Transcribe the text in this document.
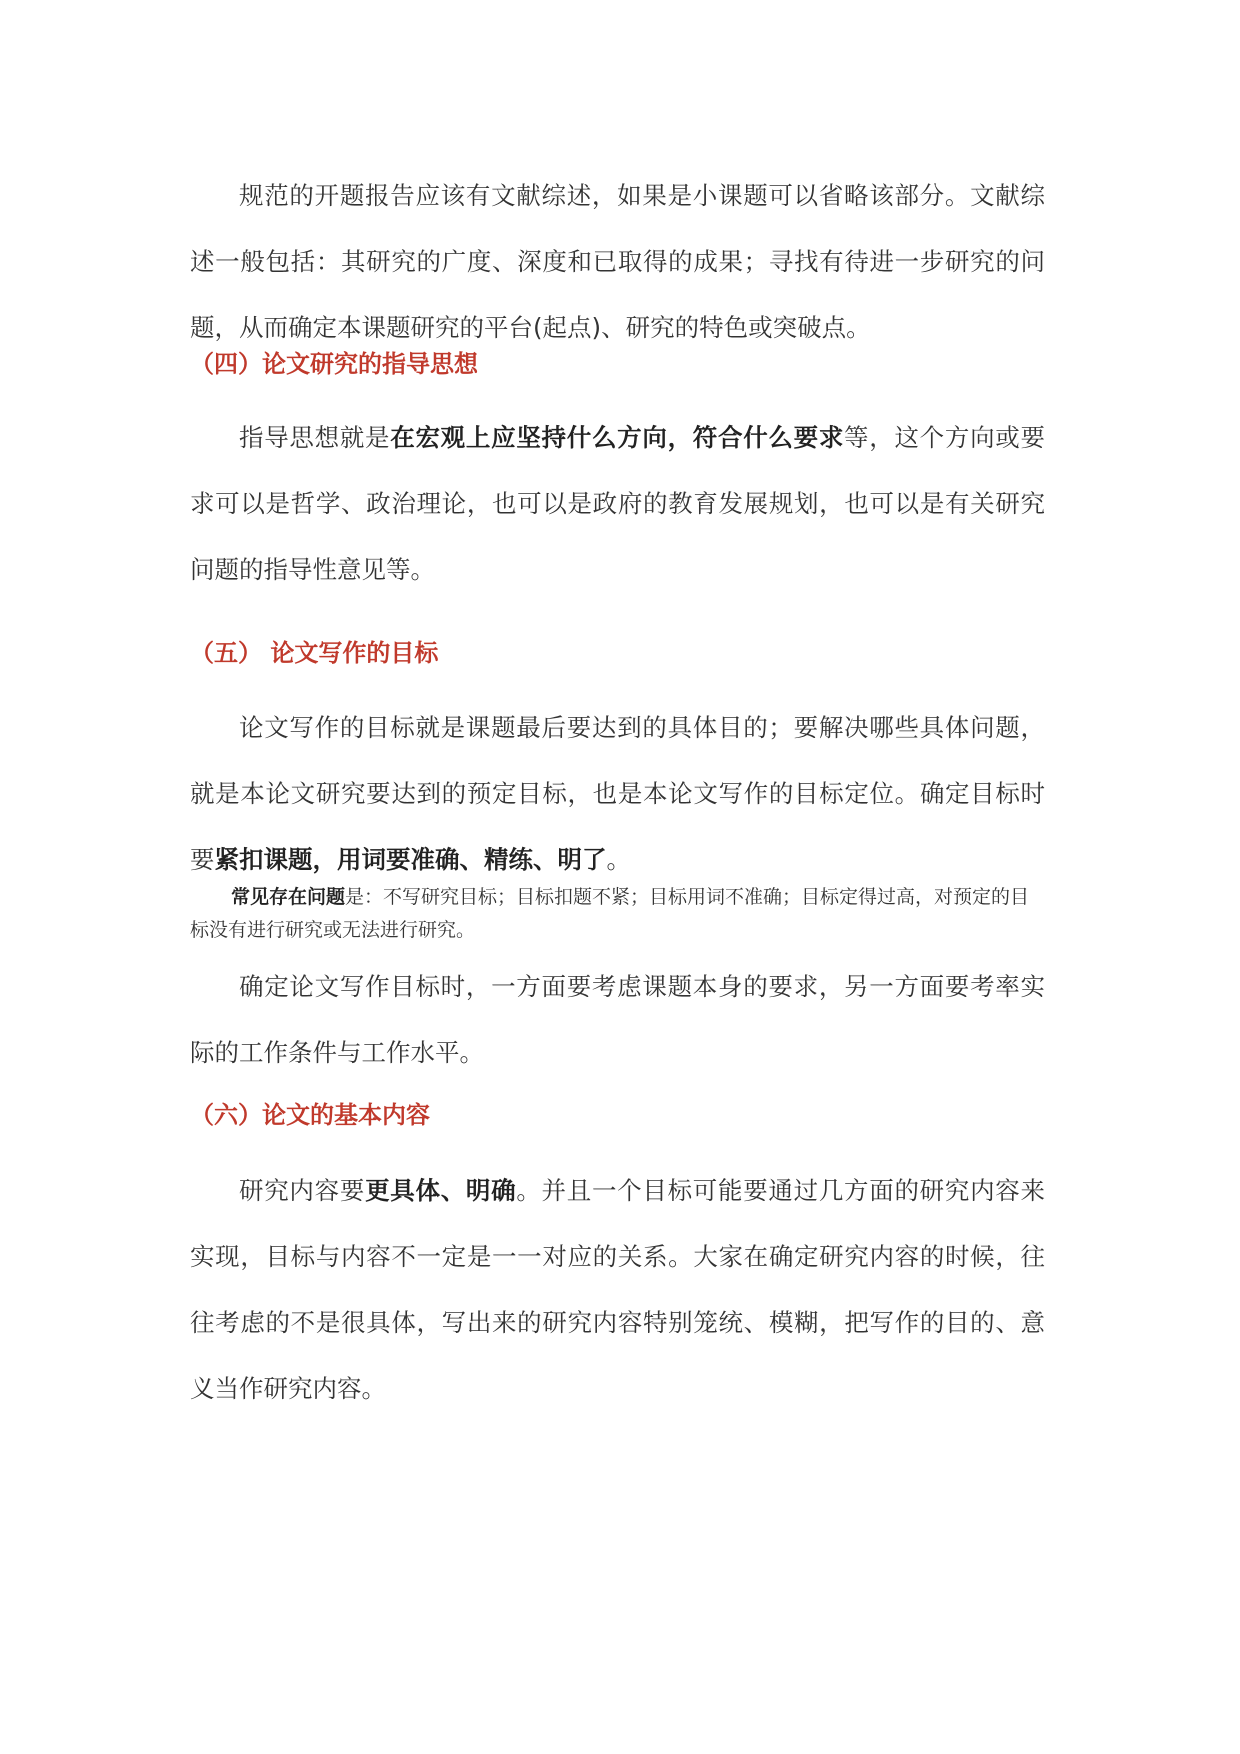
规范的开题报告应该有文献综述，如果是小课题可以省略该部分。文献综述一般包括：其研究的广度、深度和已取得的成果；寻找有待进一步研究的问题，从而确定本课题研究的平台(起点)、研究的特色或突破点。

（四）论文研究的指导思想

指导思想就是在宏观上应坚持什么方向，符合什么要求等，这个方向或要求可以是哲学、政治理论，也可以是政府的教育发展规划，也可以是有关研究问题的指导性意见等。

（五） 论文写作的目标

论文写作的目标就是课题最后要达到的具体目的；要解决哪些具体问题，就是本论文研究要达到的预定目标，也是本论文写作的目标定位。确定目标时要紧扣课题，用词要准确、精练、明了。

常见存在问题是：不写研究目标；目标扣题不紧；目标用词不准确；目标定得过高，对预定的目标没有进行研究或无法进行研究。

确定论文写作目标时，一方面要考虑课题本身的要求，另一方面要考率实际的工作条件与工作水平。

（六）论文的基本内容

研究内容要更具体、明确。并且一个目标可能要通过几方面的研究内容来实现，目标与内容不一定是一一对应的关系。大家在确定研究内容的时候，往往考虑的不是很具体，写出来的研究内容特别笼统、模糊，把写作的目的、意义当作研究内容。
